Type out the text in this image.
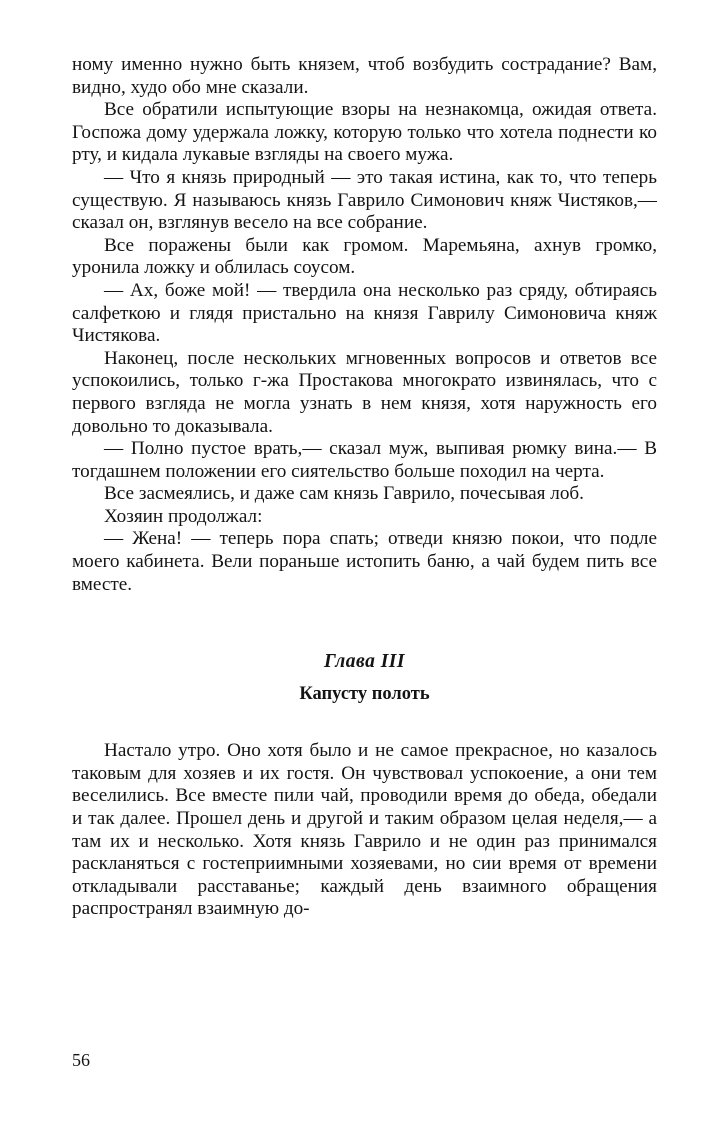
ному именно нужно быть князем, чтоб возбудить сострадание? Вам, видно, худо обо мне сказали.

Все обратили испытующие взоры на незнакомца, ожидая ответа. Госпожа дому удержала ложку, которую только что хотела поднести ко рту, и кидала лукавые взгляды на своего мужа.

— Что я князь природный — это такая истина, как то, что теперь существую. Я называюсь князь Гаврило Симонович княж Чистяков,— сказал он, взглянув весело на все собрание.

Все поражены были как громом. Маремьяна, ахнув громко, уронила ложку и облилась соусом.

— Ах, боже мой! — твердила она несколько раз сряду, обтираясь салфеткою и глядя пристально на князя Гаврилу Симоновича княж Чистякова.

Наконец, после нескольких мгновенных вопросов и ответов все успокоились, только г-жа Простакова многократо извинялась, что с первого взгляда не могла узнать в нем князя, хотя наружность его довольно то доказывала.

— Полно пустое врать,— сказал муж, выпивая рюмку вина.— В тогдашнем положении его сиятельство больше походил на черта.

Все засмеялись, и даже сам князь Гаврило, почесывая лоб.

Хозяин продолжал:

— Жена! — теперь пора спать; отведи князю покои, что подле моего кабинета. Вели пораньше истопить баню, а чай будем пить все вместе.

Глава III
Капусту полоть

Настало утро. Оно хотя было и не самое прекрасное, но казалось таковым для хозяев и их гостя. Он чувствовал успокоение, а они тем веселились. Все вместе пили чай, проводили время до обеда, обедали и так далее. Прошел день и другой и таким образом целая неделя,— а там их и несколько. Хотя князь Гаврило и не один раз принимался раскланяться с гостеприимными хозяевами, но сии время от времени откладывали расставанье; каждый день взаимного обращения распространял взаимную до-

56
